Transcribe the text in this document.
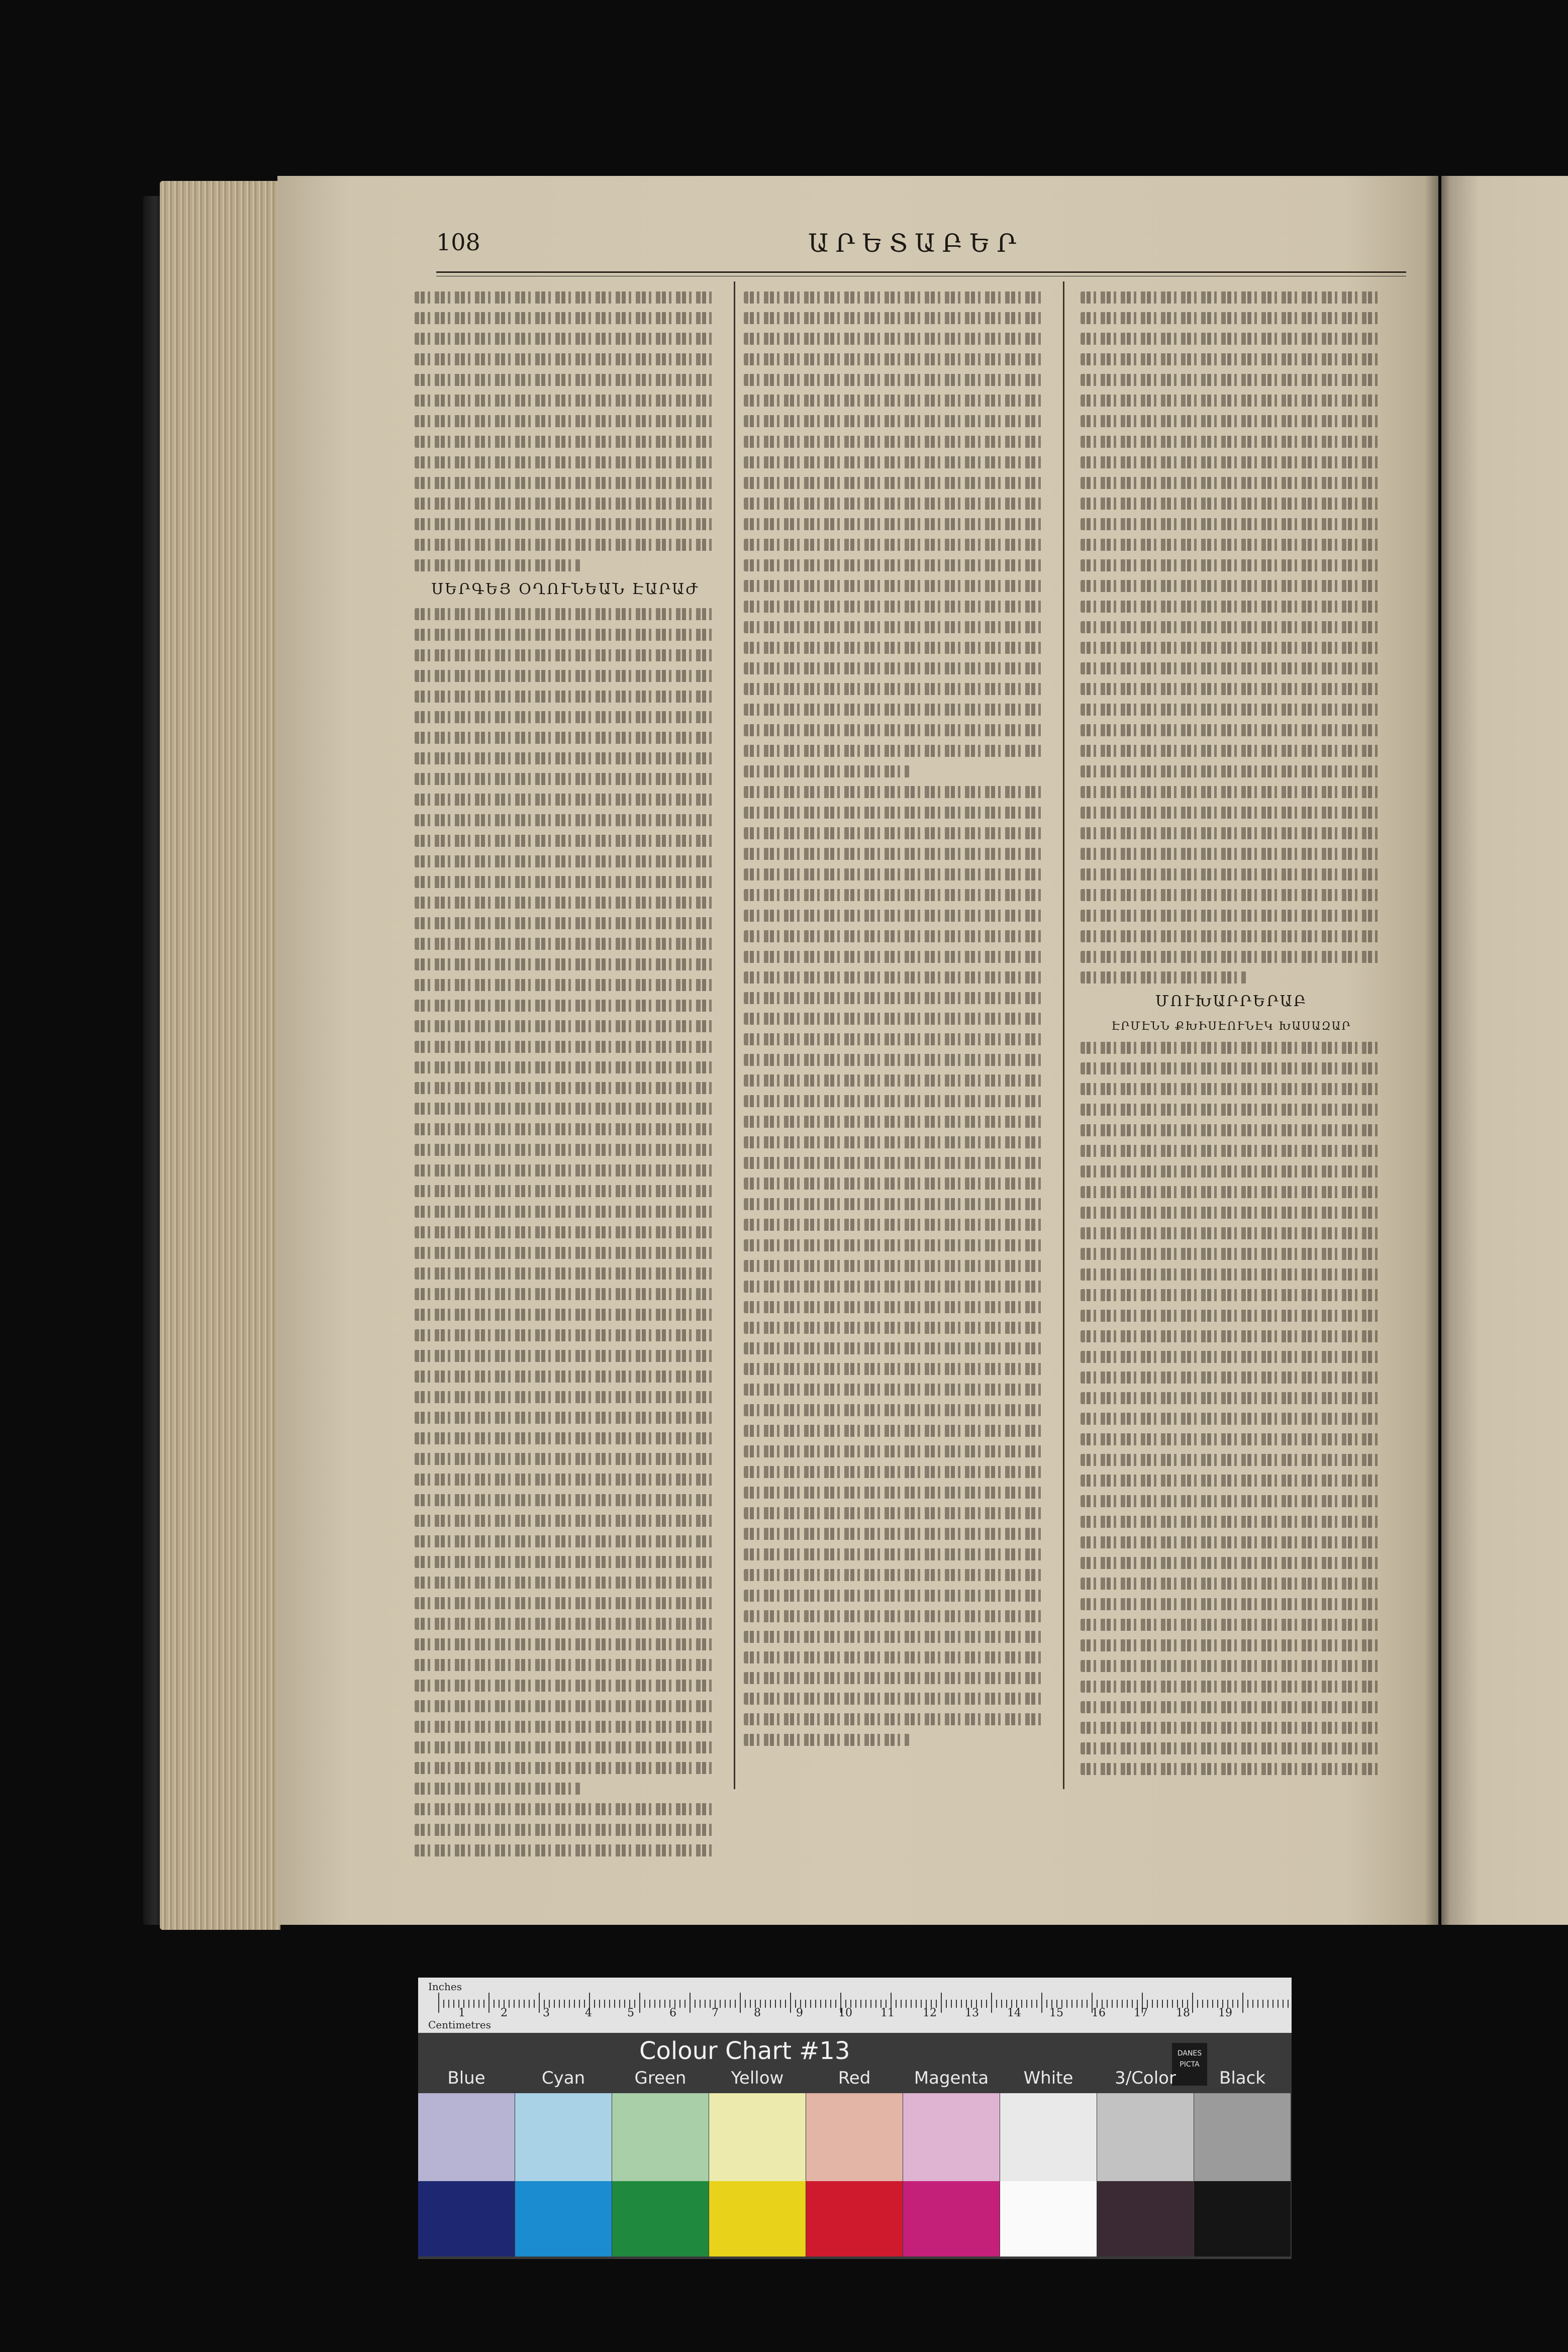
108	ԱՐԵՏԱԲԵՐ
ՍԵՐԳԵՅ ՕՂՈՒՆԵԱՆ ԷԱՐԱԺ
ՄՈՒԽԱՐՐԵՐԱԲ
ԷՐՄԷՆՆ ՔԽԻՍԷՈՒՆԷԿ ԽԱՍԱԶԱՐ
Inches
Centimetres
1	2	3	4	5	6	7	8	9	10	11	12	13	14	15	16	17	18	19
Colour Chart #13	DANES
PICTA
Blue	Cyan	Green	Yellow	Red	Magenta	White	3/Color	Black
